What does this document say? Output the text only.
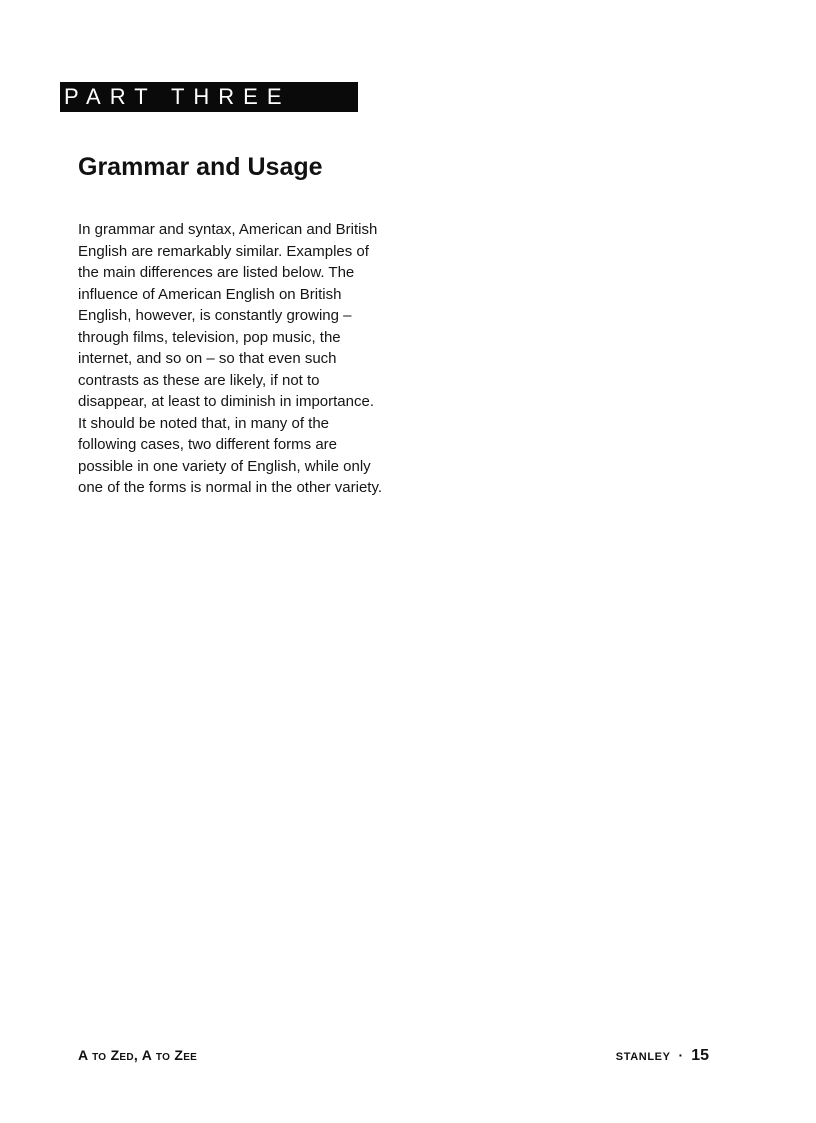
PART THREE
Grammar and Usage

In grammar and syntax, American and British English are remarkably similar. Examples of the main differences are listed below. The influence of American English on British English, however, is constantly growing – through films, television, pop music, the internet, and so on – so that even such contrasts as these are likely, if not to disappear, at least to diminish in importance. It should be noted that, in many of the following cases, two different forms are possible in one variety of English, while only one of the forms is normal in the other variety.

A to Zed, A to Zee	STANLEY · 15
